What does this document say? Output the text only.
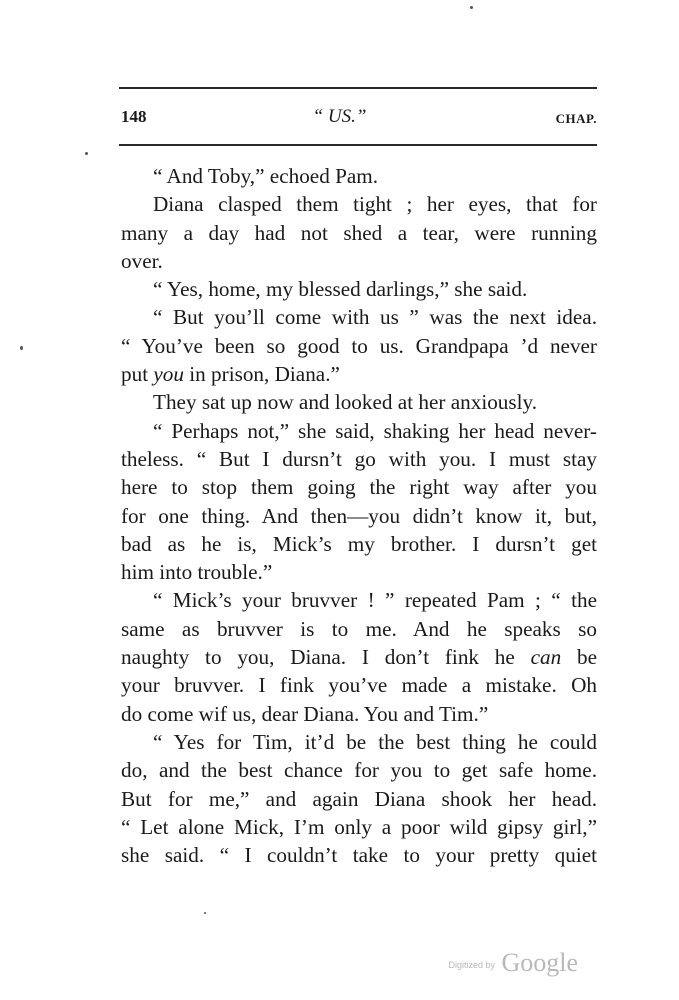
148	“ US.”	CHAP.
“ And Toby,” echoed Pam.
Diana clasped them tight ; her eyes, that for
many a day had not shed a tear, were running
over.
“ Yes, home, my blessed darlings,” she said.
“ But you’ll come with us ” was the next idea.
“ You’ve been so good to us. Grandpapa ’d never
put you in prison, Diana.”
They sat up now and looked at her anxiously.
“ Perhaps not,” she said, shaking her head never-
theless. “ But I dursn’t go with you. I must stay
here to stop them going the right way after you
for one thing. And then—you didn’t know it, but,
bad as he is, Mick’s my brother. I dursn’t get
him into trouble.”
“ Mick’s your bruvver ! ” repeated Pam ; “ the
same as bruvver is to me. And he speaks so
naughty to you, Diana. I don’t fink he can be
your bruvver. I fink you’ve made a mistake. Oh
do come wif us, dear Diana. You and Tim.”
“ Yes for Tim, it’d be the best thing he could
do, and the best chance for you to get safe home.
But for me,” and again Diana shook her head.
“ Let alone Mick, I’m only a poor wild gipsy girl,”
she said. “ I couldn’t take to your pretty quiet
Digitized by Google
